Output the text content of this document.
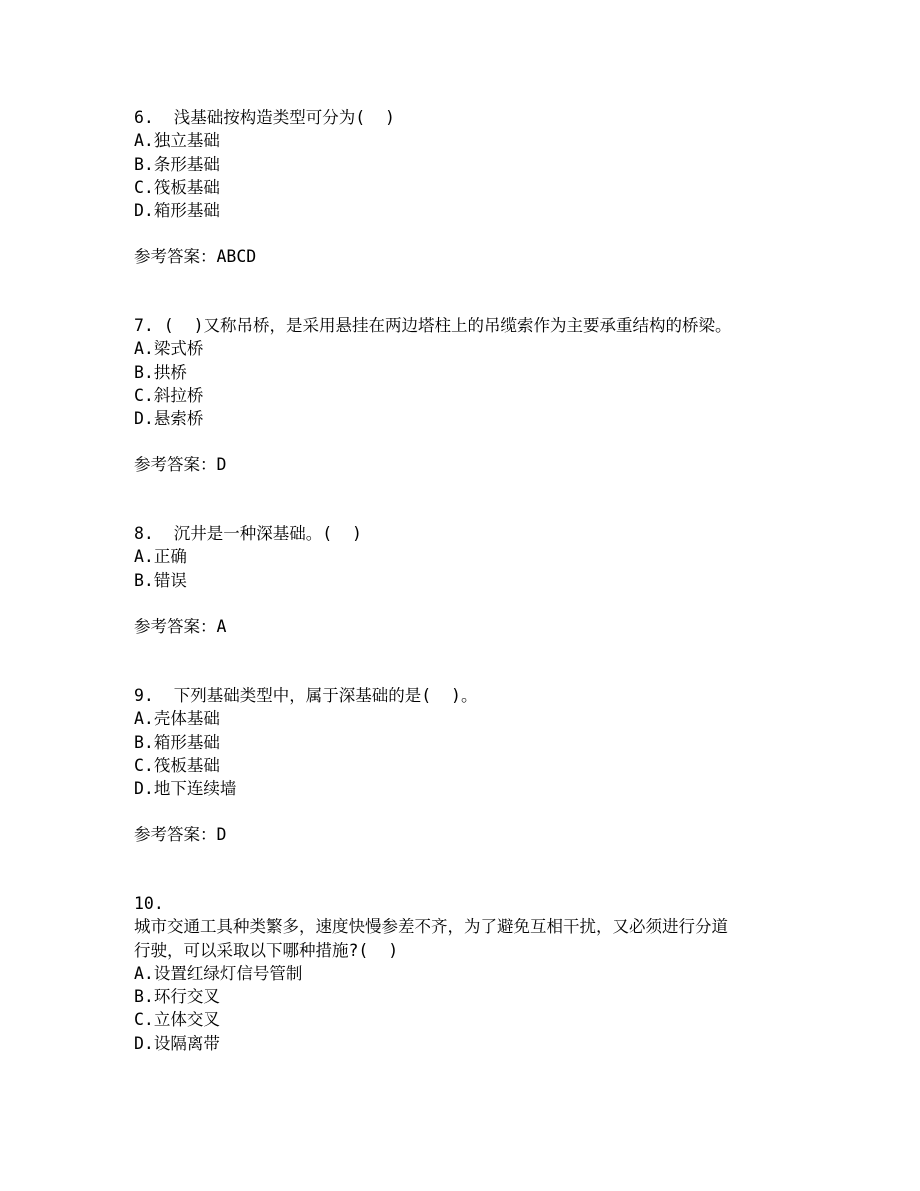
6.  浅基础按构造类型可分为(  )
A.独立基础
B.条形基础
C.筏板基础
D.箱形基础
参考答案：ABCD
7. (  )又称吊桥，是采用悬挂在两边塔柱上的吊缆索作为主要承重结构的桥梁。
A.梁式桥
B.拱桥
C.斜拉桥
D.悬索桥
参考答案：D
8.  沉井是一种深基础。(  )
A.正确
B.错误
参考答案：A
9.  下列基础类型中，属于深基础的是(  )。
A.壳体基础
B.箱形基础
C.筏板基础
D.地下连续墙
参考答案：D
10.
城市交通工具种类繁多，速度快慢参差不齐，为了避免互相干扰，又必须进行分道
行驶，可以采取以下哪种措施?(  )
A.设置红绿灯信号管制
B.环行交叉
C.立体交叉
D.设隔离带
